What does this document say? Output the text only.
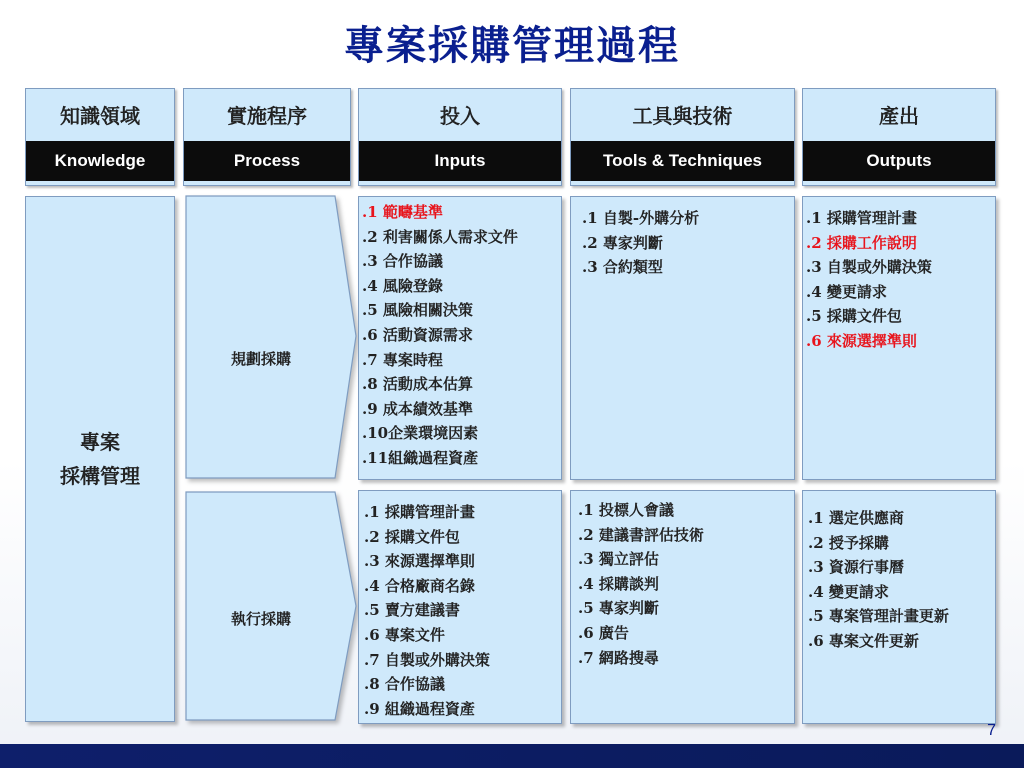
專案採購管理過程
知識領域
Knowledge
實施程序
Process
投入
Inputs
工具與技術
Tools & Techniques
產出
Outputs
專案
採構管理
規劃採購
執行採購
.1 範疇基準
.2 利害關係人需求文件
.3 合作協議
.4 風險登錄
.5 風險相關決策
.6 活動資源需求
.7 專案時程
.8 活動成本估算
.9 成本績效基準
.10企業環境因素
.11組織過程資產
.1 自製-外購分析
.2 專家判斷
.3 合約類型
.1 採購管理計畫
.2 採購工作說明
.3 自製或外購決策
.4 變更請求
.5 採購文件包
.6 來源選擇準則
.1 採購管理計畫
.2 採購文件包
.3 來源選擇準則
.4 合格廠商名錄
.5 賣方建議書
.6 專案文件
.7 自製或外購決策
.8 合作協議
.9 組織過程資產
.1 投標人會議
.2 建議書評估技術
.3 獨立評估
.4 採購談判
.5 專家判斷
.6 廣告
.7 網路搜尋
.1 選定供應商
.2 授予採購
.3 資源行事曆
.4 變更請求
.5 專案管理計畫更新
.6 專案文件更新
7
